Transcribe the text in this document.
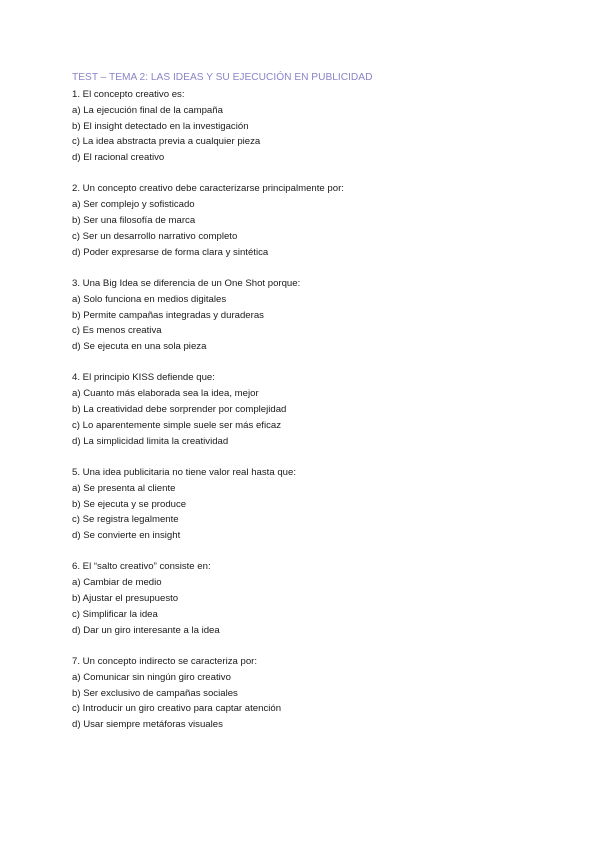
TEST – TEMA 2: LAS IDEAS Y SU EJECUCIÓN EN PUBLICIDAD

1. El concepto creativo es:

a) La ejecución final de la campaña

b) El insight detectado en la investigación

c) La idea abstracta previa a cualquier pieza

d) El racional creativo

2. Un concepto creativo debe caracterizarse principalmente por:

a) Ser complejo y sofisticado

b) Ser una filosofía de marca

c) Ser un desarrollo narrativo completo

d) Poder expresarse de forma clara y sintética

3. Una Big Idea se diferencia de un One Shot porque:

a) Solo funciona en medios digitales

b) Permite campañas integradas y duraderas

c) Es menos creativa

d) Se ejecuta en una sola pieza

4. El principio KISS defiende que:

a) Cuanto más elaborada sea la idea, mejor

b) La creatividad debe sorprender por complejidad

c) Lo aparentemente simple suele ser más eficaz

d) La simplicidad limita la creatividad

5. Una idea publicitaria no tiene valor real hasta que:

a) Se presenta al cliente

b) Se ejecuta y se produce

c) Se registra legalmente

d) Se convierte en insight

6. El “salto creativo” consiste en:

a) Cambiar de medio

b) Ajustar el presupuesto

c) Simplificar la idea

d) Dar un giro interesante a la idea

7. Un concepto indirecto se caracteriza por:

a) Comunicar sin ningún giro creativo

b) Ser exclusivo de campañas sociales

c) Introducir un giro creativo para captar atención

d) Usar siempre metáforas visuales
